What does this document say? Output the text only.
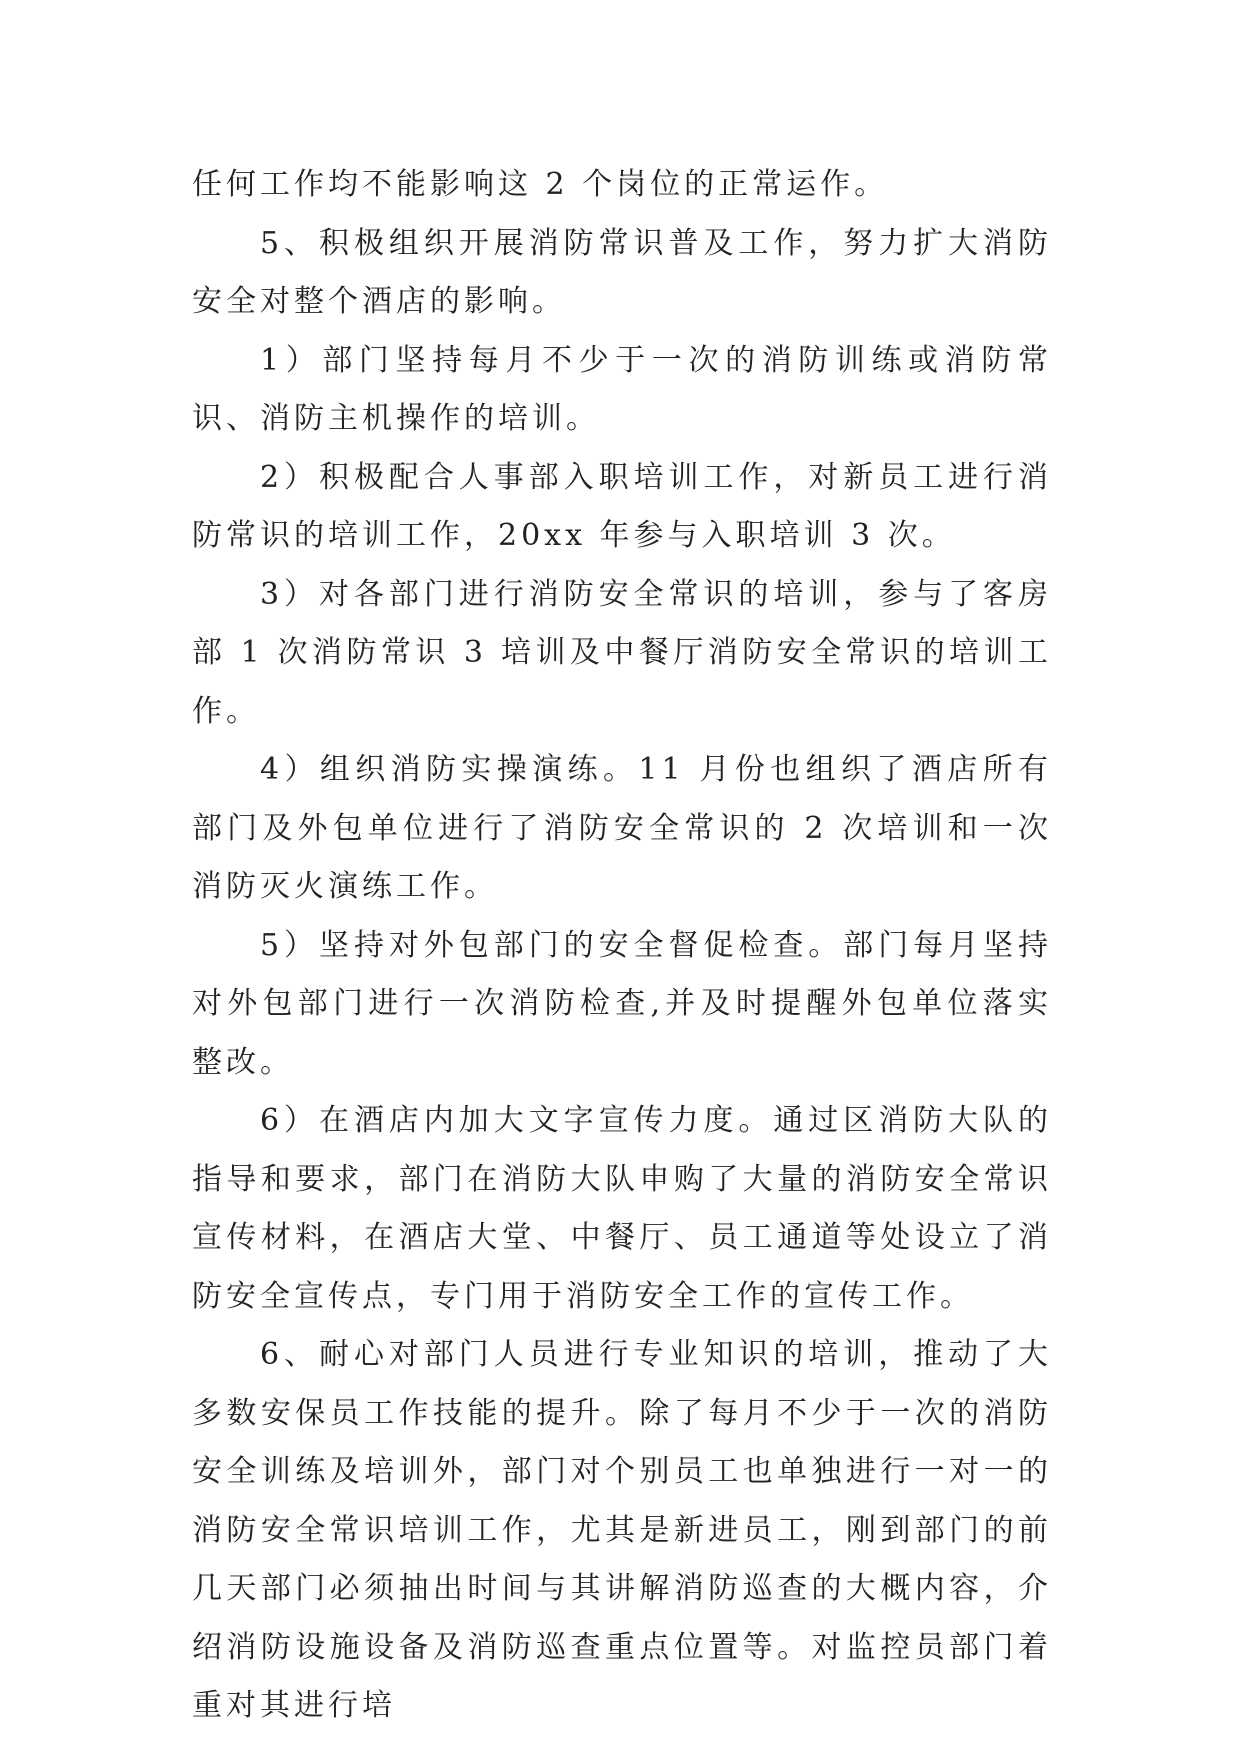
任何工作均不能影响这 2 个岗位的正常运作。

5、积极组织开展消防常识普及工作，努力扩大消防安全对整个酒店的影响。

1）部门坚持每月不少于一次的消防训练或消防常识、消防主机操作的培训。

2）积极配合人事部入职培训工作，对新员工进行消防常识的培训工作，20xx 年参与入职培训 3 次。

3）对各部门进行消防安全常识的培训，参与了客房部 1 次消防常识 3 培训及中餐厅消防安全常识的培训工作。

4）组织消防实操演练。11 月份也组织了酒店所有部门及外包单位进行了消防安全常识的 2 次培训和一次消防灭火演练工作。

5）坚持对外包部门的安全督促检查。部门每月坚持对外包部门进行一次消防检查,并及时提醒外包单位落实整改。

6）在酒店内加大文字宣传力度。通过区消防大队的指导和要求，部门在消防大队申购了大量的消防安全常识宣传材料，在酒店大堂、中餐厅、员工通道等处设立了消防安全宣传点，专门用于消防安全工作的宣传工作。

6、耐心对部门人员进行专业知识的培训，推动了大多数安保员工作技能的提升。除了每月不少于一次的消防安全训练及培训外，部门对个别员工也单独进行一对一的消防安全常识培训工作，尤其是新进员工，刚到部门的前几天部门必须抽出时间与其讲解消防巡查的大概内容，介绍消防设施设备及消防巡查重点位置等。对监控员部门着重对其进行培
